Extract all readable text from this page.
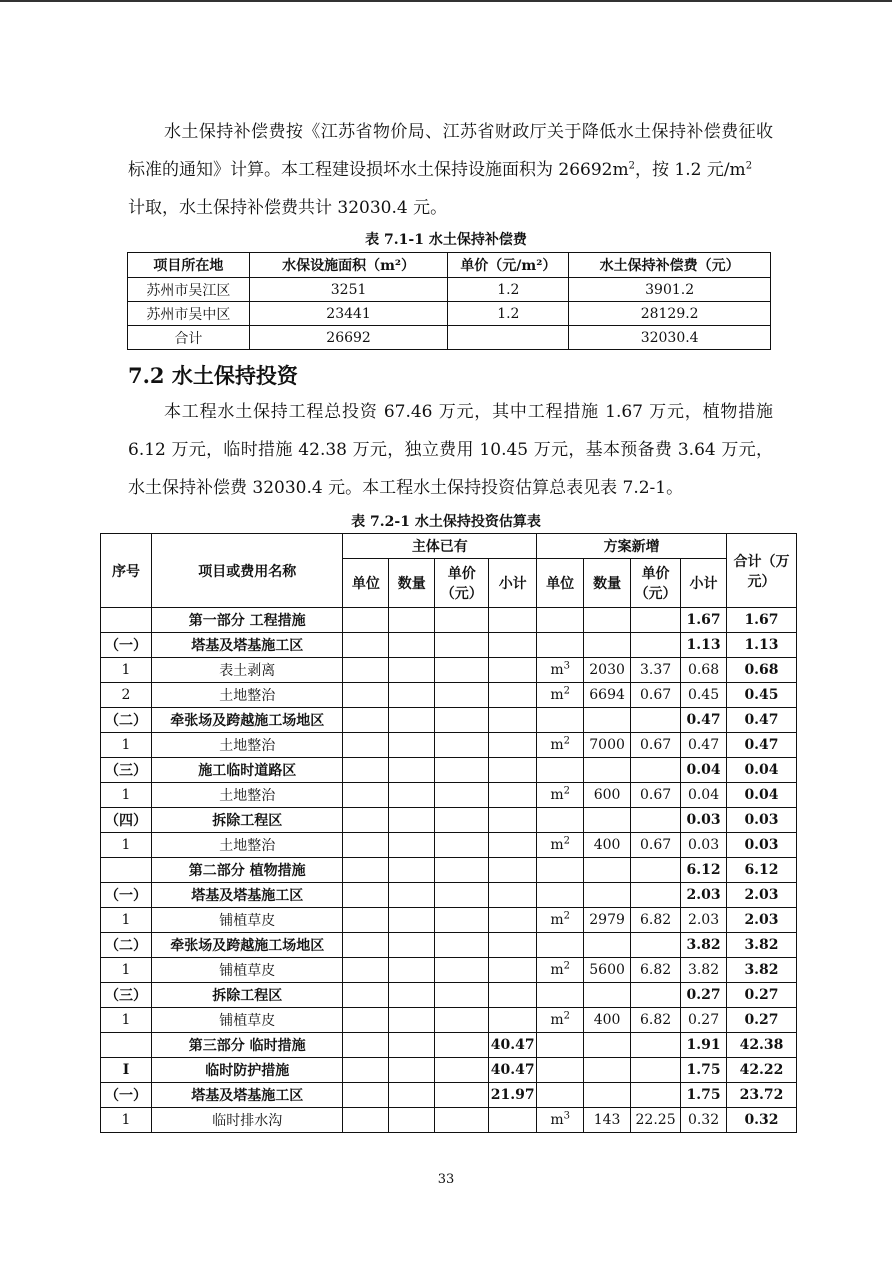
水土保持补偿费按《江苏省物价局、江苏省财政厅关于降低水土保持补偿费征收标准的通知》计算。本工程建设损坏水土保持设施面积为 $26692m^2$，按 1.2 元$/m^2$
计取，水土保持补偿费共计 32030.4 元。
表 7.1-1 水土保持补偿费
项目所在地	水保设施面积（m²）	单价（元/m²）	水土保持补偿费（元）
苏州市吴江区	3251	1.2	3901.2
苏州市吴中区	23441	1.2	28129.2
合计	26692		32030.4
7.2 水土保持投资
本工程水土保持工程总投资 67.46 万元，其中工程措施 1.67 万元，植物措施 6.12 万元，临时措施 42.38 万元，独立费用 10.45 万元，基本预备费 3.64 万元，水土保持补偿费 32030.4 元。本工程水土保持投资估算总表见表 7.2-1。
表 7.2-1 水土保持投资估算表
序号	项目或费用名称	主体已有				方案新增				合计（万元）
		单位	数量	单价（元）	小计	单位	数量	单价（元）	小计	
	第一部分 工程措施								1.67	1.67
（一）	塔基及塔基施工区								1.13	1.13
1	表土剥离					$m^3$	2030	3.37	0.68	0.68
2	土地整治					$m^2$	6694	0.67	0.45	0.45
（二）	牵张场及跨越施工场地区								0.47	0.47
1	土地整治					$m^2$	7000	0.67	0.47	0.47
（三）	施工临时道路区								0.04	0.04
1	土地整治					$m^2$	600	0.67	0.04	0.04
（四）	拆除工程区								0.03	0.03
1	土地整治					$m^2$	400	0.67	0.03	0.03
	第二部分 植物措施								6.12	6.12
（一）	塔基及塔基施工区								2.03	2.03
1	铺植草皮					$m^2$	2979	6.82	2.03	2.03
（二）	牵张场及跨越施工场地区								3.82	3.82
1	铺植草皮					$m^2$	5600	6.82	3.82	3.82
（三）	拆除工程区								0.27	0.27
1	铺植草皮					$m^2$	400	6.82	0.27	0.27
	第三部分 临时措施				40.47				1.91	42.38
I	临时防护措施				40.47				1.75	42.22
（一）	塔基及塔基施工区				21.97				1.75	23.72
1	临时排水沟					$m^3$	143	22.25	0.32	0.32
33
